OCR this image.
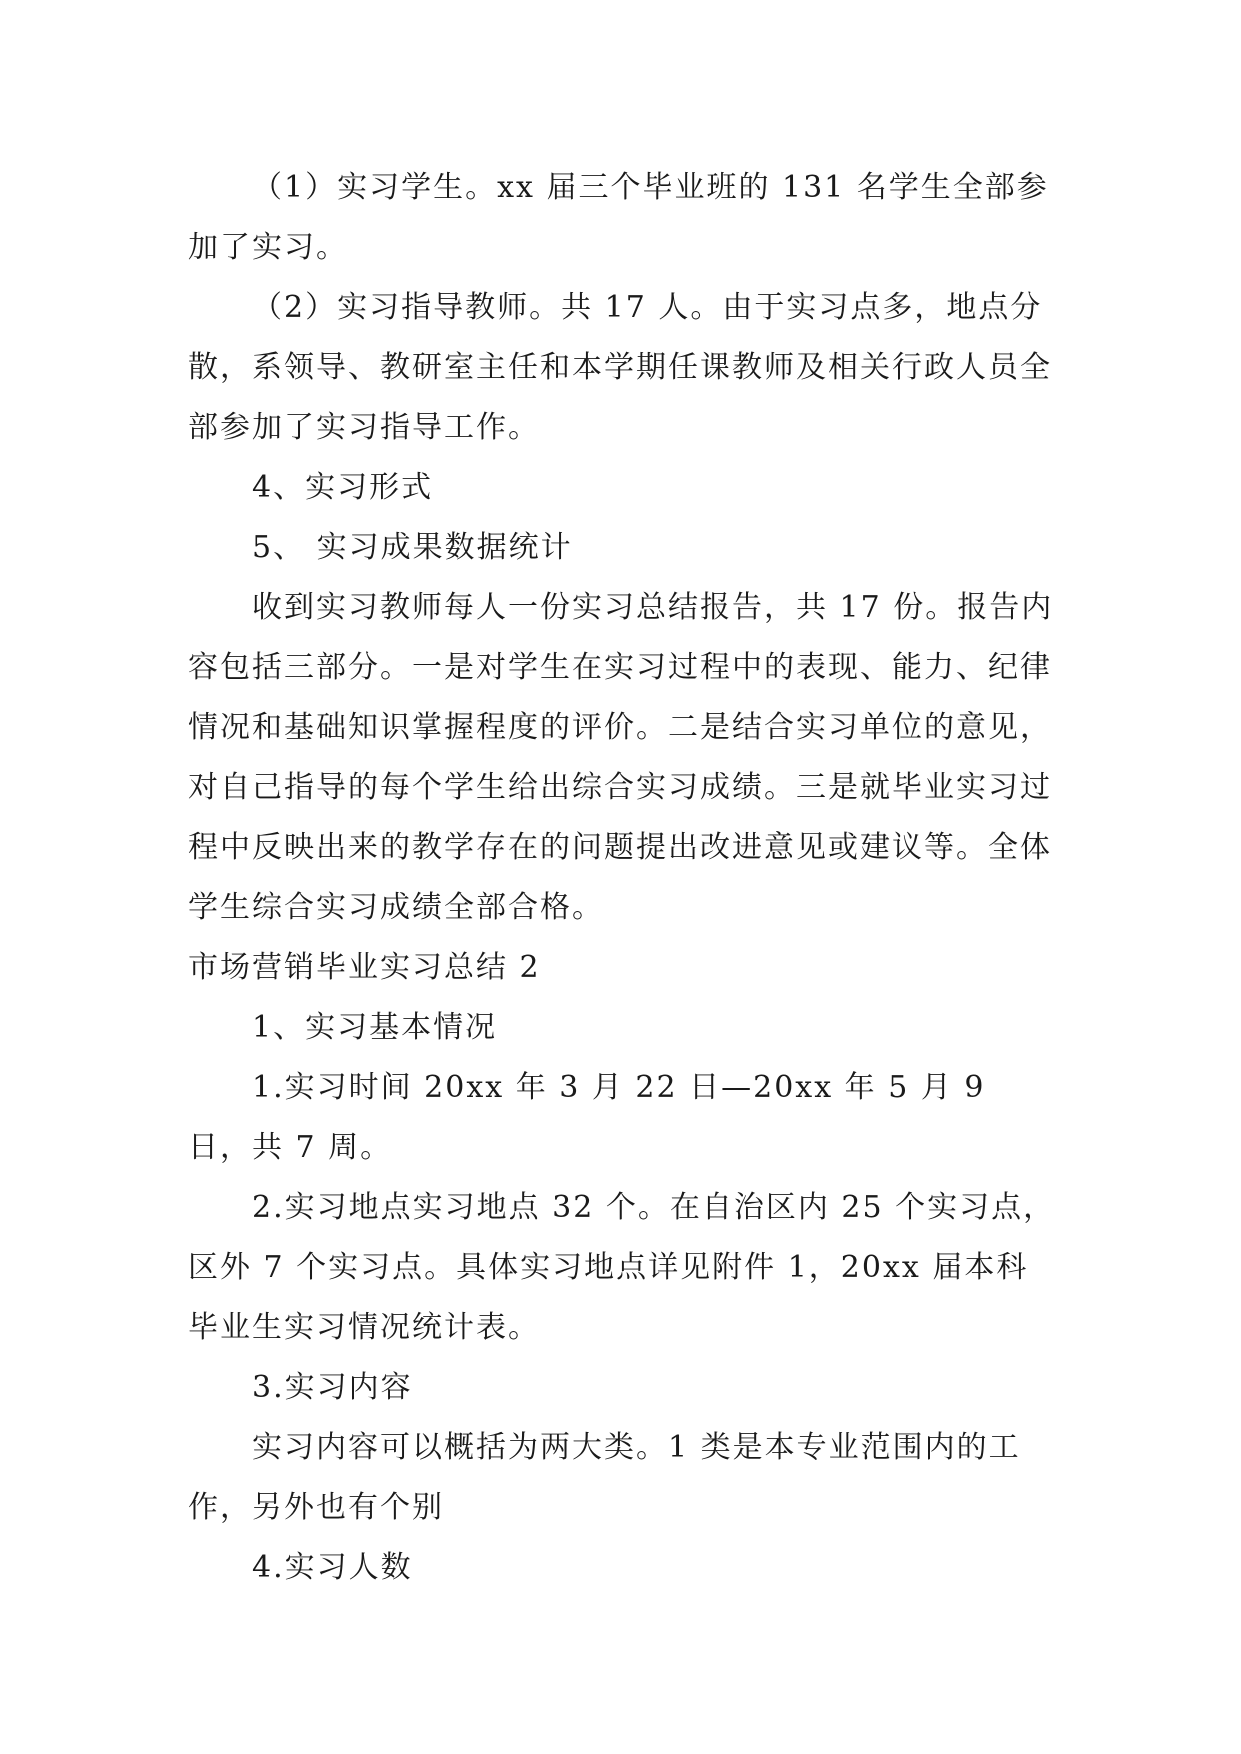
（1）实习学生。xx 届三个毕业班的 131 名学生全部参加了实习。

（2）实习指导教师。共 17 人。由于实习点多，地点分散，系领导、教研室主任和本学期任课教师及相关行政人员全部参加了实习指导工作。

4、实习形式

5、 实习成果数据统计

收到实习教师每人一份实习总结报告，共 17 份。报告内容包括三部分。一是对学生在实习过程中的表现、能力、纪律情况和基础知识掌握程度的评价。二是结合实习单位的意见，对自己指导的每个学生给出综合实习成绩。三是就毕业实习过程中反映出来的教学存在的问题提出改进意见或建议等。全体学生综合实习成绩全部合格。

市场营销毕业实习总结 2

1、实习基本情况

1.实习时间 20xx 年 3 月 22 日—20xx 年 5 月 9 日，共 7 周。

2.实习地点实习地点 32 个。在自治区内 25 个实习点，区外 7 个实习点。具体实习地点详见附件 1，20xx 届本科毕业生实习情况统计表。

3.实习内容

实习内容可以概括为两大类。1 类是本专业范围内的工作，另外也有个别

4.实习人数
